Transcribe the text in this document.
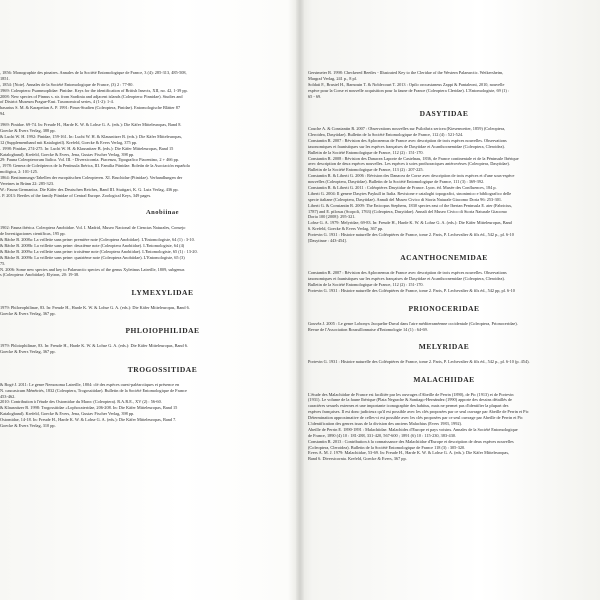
, 1856: Monographie des pinaires. Annales de la Société Entomologique de France, 3 (4): 285-313, 485-508,
1851.
, 1854: [Note]. Annales de la Société Entomologique de France, (3) 2 : 77-80.
1969: Coleoptera: Psammoplidae: Pinidae. Keys for the identification of British Insects, XII, no. 42, 1-39 pp.
2008: New species of Pinnus s. str. from Sardinia and adjacent islands (Coleoptera: Pinnidae). Studies and
of District Museum Prague-East. Taxonomical series, 4 (1-2): 1-4.
basarius S. M. & Karapetian A. P. 1991: Pinus-Studien (Coleoptera, Pinidae). Entomologische Blätter 87
94.
1969: Pinidae. 69-74. In: Freude H., Harde K. W. & Lohse G. A. (eds.): Die Käfer Mitteleuropas, Band 8.
Goecke & Evers Verlag, 388 pp.
& Lucht W. H. 1992: Pinidae, 159-161. In: Lucht W. H. & Klausnitzer B. (eds.): Die Käfer Mitteleuropas,
12 (Supplementband mit Katalogteil). Krefeld, Goecke & Evers Verlag, 375 pp.
. 1998: Pinidae, 274-275. In: Lucht W. H. & Klausnitzer B. (eds.): Die Käfer Mitteleuropas, Band 15
Katalogband). Krefeld, Goecke & Evers, Jena, Gustav Fischer Verlag, 398 pp.
29: Fauna Coleopterorum Italica. Vol. III. - Diversicornia. Piacenza, Tipografico Piacentino, 2 + 466 pp.
, 1978: Genera de Coleópteros de la Península Ibérica, III. Familia Ptinidae. Boletín de la Asociación española
mológica, 2: 101-125.
1864: Bestimmungs-Tabellen der europäischen Coleopteren. XI. Bruchidae (Ptinidae). Verhandlungen der
Vereines in Brünn 22: 285-323.
W.: Fauna Germanica. Die Käfer des Deutschen Reiches, Band III. Stuttgart, K. G. Lutz Verlag, 436 pp.
. P. 2013: Beetles of the family Ptinidae of Central Europe. Zoological Keys, 349 pages.
Anobiinae
1902: Fauna ibérica. Coleoptera Anobiidae. Vol. I. Madrid, Museo Nacional de Ciencias Naturales, Consejo
de Investigaciones científicas, 195 pp.
& Bâche B. 2008a: La vrillette sans peine: première note (Coleoptera Anobiidae). L'Entomologiste, 64 (1) : 3-10.
& Bâche B. 2008b: La vrillette sans peine: deuxième note (Coleoptera Anobiidae). L'Entomologiste, 64 (4)
& Bâche B. 2009a: La vrillette sans peine: troisième note (Coleoptera Anobiidae). L'Entomologiste, 65 (1) : 13-20.
& Bâche B. 2009b: La vrillette sans peine: quatrième note (Coleoptera Anobiidae). L'Entomologiste, 65 (3)
75.
N. 2006: Some new species and key to Palaearctic species of the genus Xyletinus Latreille, 1809, subgenus
s (Coleoptera: Anobiidae). Elytron, 20: 19-38.
LYMEXYLIDAE
1979: Philoeophilinae, 83. In: Freude H., Harde K. W. & Lohse G. A. (eds.): Die Käfer Mitteleuropas, Band 6.
Goecke & Evers Verlag, 367 pp.
PHLOIOPHILIDAE
1979: Phloiophilinae, 83. In: Freude H., Harde K. W. & Lohse G. A. (eds.): Die Käfer Mitteleuropas, Band 6.
Goecke & Evers Verlag, 367 pp.
TROGOSSITIDAE
& Bogé J. 2011: Le genre Nemosoma Latreille, 1804: clé des espèces ouest-paléarctiques et présence en
N. caucasicum Ménétriés, 1832 (Coleoptera, Trogossitidae). Bulletin de la Société Entomologique de France
453-462.
2010: Contribution à l'étude des Ostomidae du Maroc (Coleoptera). R.A.R.E., XV (2) : 56-60.
& Klausnitzer B. 1998: Trogossitidae «Lophocateridae, 206-208. In: Die Käfer Mitteleuropas, Band 15
Katalogband). Krefeld, Goecke & Evers, Jena, Gustav Fischer Verlag, 398 pp.
Ostomidae, 14-18. In: Freude H., Harde K. W. & Lohse G. A. (eds.): Die Käfer Mitteleuropas, Band 7.
Goecke & Evers Verlag, 310 pp.
Gerstmeier R. 1998: Checkered Beetles - Illustrated Key to the Cleridae of the Western Palaearctic. Weikersheim,
Margraf Verlag, 241 p., 8 pl.
Soldati F., Brustel H., Barnouin T. & Noblecourt T. 2013 : Opilo orocastaneus Zappi & Pantaleoni, 2010, nouvelle
espèce pour la Corse et nouvelle acquisition pour la faune de France (Coleoptera Cleridae). L'Entomologiste, 69 (1) :
65 - 69.
DASYTIDAE
Couche A. & Constantin R. 2007 : Observations nouvelles sur Psilothrix sericea (Kiesenwetter, 1859) (Coleoptera,
Cleroidea, Dasytidae). Bulletin de la Société Entomologique de France, 112 (4) : 521-524.
Constantin R. 2007 : Révision des Aplocnemus de France avec description de trois espèces nouvelles. Observations
taxonomiques et faunistiques sur les espèces françaises de Dasytidae et Acanthocnemidae (Coleoptera, Cleroidea).
Bulletin de la Société Entomologique de France, 112 (2) : 151-170.
Constantin R. 2008 : Révision des Danacea Laporte de Castelnau, 1836, de France continentale et de la Péninsule Ibérique
avec description de deux espèces nouvelles. Les espèces à soies prothoraciques antérovérses (Coleoptera, Dasytidae).
Bulletin de la Société Entomologique de France, 113 (2) : 207-225.
Constantin R. & Liberti G. 2006 : Révision des Danacea de Corse avec description de trois espèces et d'une sous-espèce
nouvelles (Coleoptera, Dasytidae). Bulletin de la Société Entomologique de France, 111 (3) : 369-392.
Constantin R. & Liberti G. 2011 : Coléoptères Dasytidae de France. Lyon. éd. Musée des Confluences, 184 p.
Liberti G. 2004: Il genere Dasytes Paykull in Italia. Revisione e cataloghi topografici, sinonimico e bibliografico delle
specie italiane (Coleoptera, Dasytidae). Annali del Museo Civico di Storia Naturale Giacomo Doria 96: 253-301.
Liberti G. & Constantin R. 2009: The Enicopus Stephens, 1830 species east of the Iberian Peninsula E. ater (Fabricius,
1787) and E. pilosus (Scopoli, 1763) (Coleoptera, Dasytidae). Annali del Museo Civico di Storia Naturale Giacomo
Doria 100 [2008]: 295-321.
Lohse G. A. 1979: Melyridae, 69-83. In: Freude H., Harde K. W. & Lohse G. A. (eds.): Die Käfer Mitteleuropas, Band
6. Krefeld, Goecke & Evers Verlag, 367 pp.
Portevin G. 1931 : Histoire naturelle des Coléoptères de France, tome 2. Paris, P. Lechevalier & fils éd., 542 p., pl. 6-10
[Dasytinae : 443-454].
ACANTHOCNEMIDAE
Constantin R. 2007 : Révision des Aplocnemus de France avec description de trois espèces nouvelles. Observations
taxonomiques et faunistiques sur les espèces françaises de Dasytidae et Acanthocnemidae (Coleoptera, Cleroidea).
Bulletin de la Société Entomologique de France, 112 (2) : 151-170.
Portevin G. 1931 : Histoire naturelle des Coléoptères de France, tome 2. Paris, P. Lechevalier & fils éd., 542 pp, pl. 6-10
PRIONOCERIDAE
Gouvêa J. 2005 : Le genre Lobonyx Jacquelin-Duval dans l'aire méditerranéenne occidentale (Coleoptera, Prionoceridae).
Revue de l'Association Roussillonnaise d'Entomologie 14 (1) : 64-69.
MELYRIDAE
Portevin G. 1931 : Histoire naturelle des Coléoptères de France, tome 2. Paris, P. Lechevalier & fils éd., 542 p., pl. 6-10 (p. 454).
MALACHIIDAE
L'étude des Malachiidae de France est facilitée par les ouvrages d'Abeille de Perrin (1890), de Pic (1913) et de Portevin
(1931). Le volume de la faune Ibérique (Plata Negrache & Santiago-Hernández (1990) apporte des dessins détaillés de
caractères sexuels externes et une importante iconographie des habitus, mais ne permet pas d'identifier la plupart des
espèces françaises. Il est donc judicieux qu'il est possible avec les clés proposées par ce seul ouvrage par Abeille de Perrin et Pic
Détermination approximative de celles-ci est possible avec les clés proposées par ce seul ouvrage par Abeille de Perrin et Pic
L'identification des genres issus de la division des anciens Malachius (Evers 1983, 1992).
Abeille de Perrin E. 1890-1891 : Malachiidae. Malachides d'Europe et pays voisins. Annales de la Société Entomologique
de France, 1890 (4) 10 : 181-288, 331-420, 567-600 ; 1891 (6) 10 : 115-230, 383-430.
Constantin R. 2013 : Contribution à la connaissance des Malachiidae d'Europe et description de deux espèces nouvelles
(Coleoptera, Cleroidea). Bulletin de la Société Entomologique de France 118 (3) : 305-320.
Evers A. M. J. 1979: Malachiidae, 53-69. In: Freude H., Harde K. W. & Lohse G. A. (eds.): Die Käfer Mitteleuropas,
Band 6. Diversicornia. Krefeld, Goecke & Evers, 367 pp.
